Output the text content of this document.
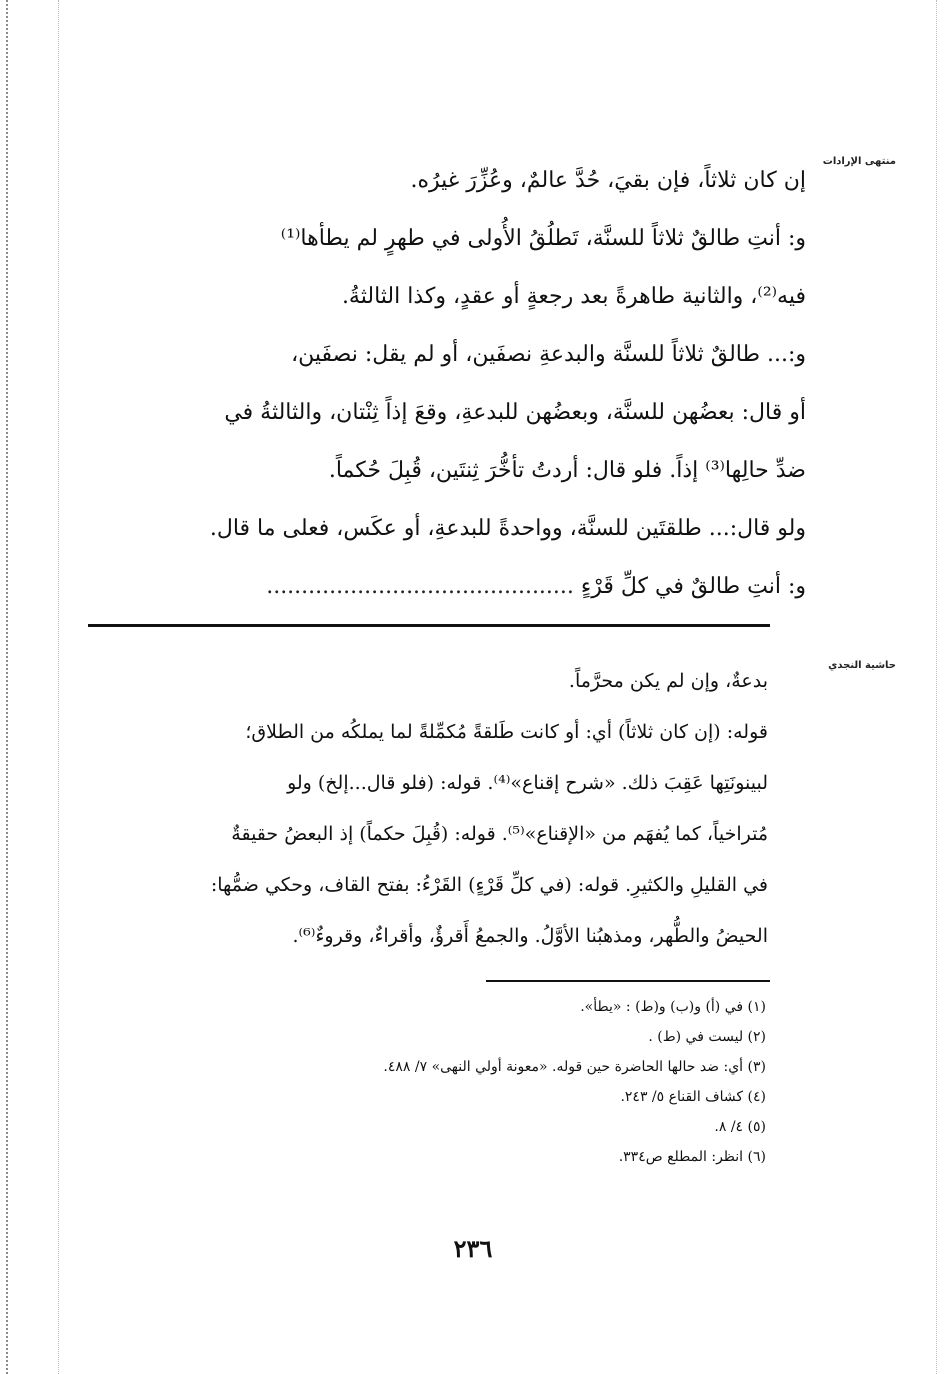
منتهى الإرادات
إن كان ثلاثاً، فإن بقيَ، حُدَّ عالمٌ، وعُزِّرَ غيرُه.
و: أنتِ طالقٌ ثلاثاً للسنَّة، تَطلُقُ الأُولى في طهرٍ لم يطأها⁽¹⁾
فيه⁽²⁾، والثانية طاهرةً بعد رجعةٍ أو عقدٍ، وكذا الثالثةُ.
و:... طالقٌ ثلاثاً للسنَّة والبدعةِ نصفَين، أو لم يقل: نصفَين،
أو قال: بعضُهن للسنَّة، وبعضُهن للبدعةِ، وقعَ إذاً ثِنْتان، والثالثةُ في
ضدِّ حالِها⁽³⁾ إذاً. فلو قال: أردتُ تأخُّرَ ثِنتَين، قُبِلَ حُكماً.
ولو قال:... طلقتَين للسنَّة، وواحدةً للبدعةِ، أو عكَس، فعلى ما قال.
و: أنتِ طالقٌ في كلِّ قَرْءٍ ............................................
حاشية النجدي
بدعةٌ، وإن لم يكن محرَّماً.
قوله: (إن كان ثلاثاً) أي: أو كانت طَلقةً مُكمِّلةً لما يملكُه من الطلاق؛
لبينونَتِها عَقِبَ ذلك. «شرح إقناع»⁽⁴⁾. قوله: (فلو قال...إلخ) ولو
مُتراخياً، كما يُفهَم من «الإقناع»⁽⁵⁾. قوله: (قُبِلَ حكماً) إذ البعضُ حقيقةٌ
في القليلِ والكثيرِ. قوله: (في كلِّ قَرْءٍ) القَرْءُ: بفتح القاف، وحكي ضمُّها:
الحيضُ والطُّهر، ومذهبُنا الأوَّلُ. والجمعُ أَقرؤٌ، وأقراءٌ، وقروءٌ⁽⁶⁾.
(١) في (أ) و(ب) و(ط) : «يطأ».
(٢) ليست في (ط) .
(٣) أي: ضد حالها الحاضرة حين قوله. «معونة أولي النهى» ٧/ ٤٨٨.
(٤) كشاف القناع ٥/ ٢٤٣.
(٥) ٤/ ٨.
(٦) انظر: المطلع ص٣٣٤.
٢٣٦
